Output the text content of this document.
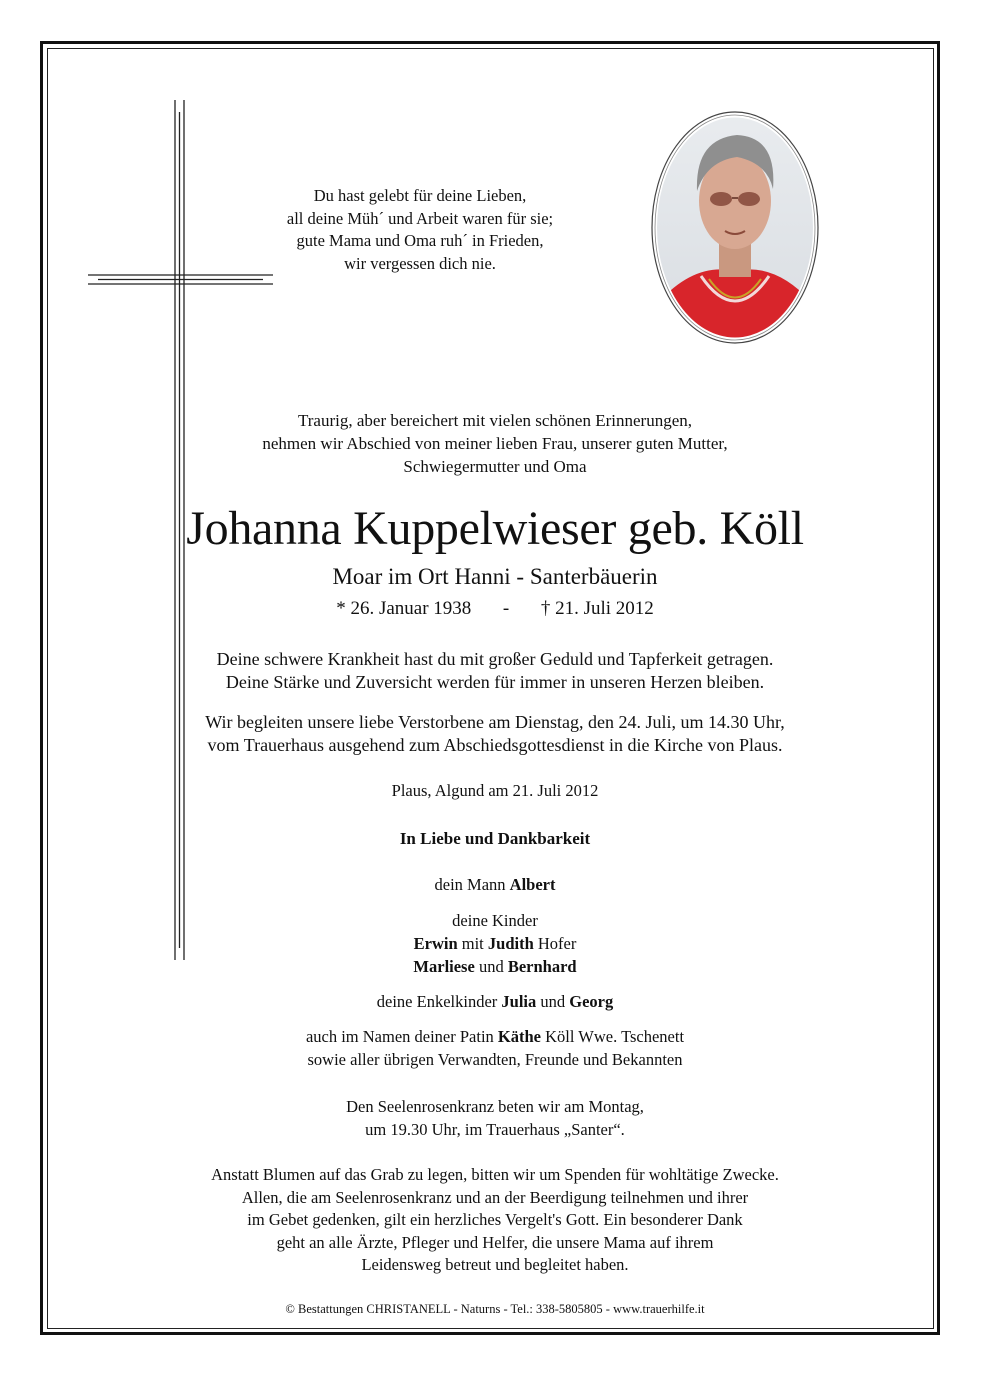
Du hast gelebt für deine Lieben,
all deine Müh´ und Arbeit waren für sie;
gute Mama und Oma ruh´ in Frieden,
wir vergessen dich nie.
Traurig, aber bereichert mit vielen schönen Erinnerungen,
nehmen wir Abschied von meiner lieben Frau, unserer guten Mutter,
Schwiegermutter und Oma
Johanna Kuppelwieser geb. Köll
Moar im Ort Hanni - Santerbäuerin
* 26. Januar 1938 - † 21. Juli 2012
Deine schwere Krankheit hast du mit großer Geduld und Tapferkeit getragen.
Deine Stärke und Zuversicht werden für immer in unseren Herzen bleiben.
Wir begleiten unsere liebe Verstorbene am Dienstag, den 24. Juli, um 14.30 Uhr,
vom Trauerhaus ausgehend zum Abschiedsgottesdienst in die Kirche von Plaus.
Plaus, Algund am 21. Juli 2012
In Liebe und Dankbarkeit
dein Mann Albert
deine Kinder
Erwin mit Judith Hofer
Marliese und Bernhard
deine Enkelkinder Julia und Georg
auch im Namen deiner Patin Käthe Köll Wwe. Tschenett
sowie aller übrigen Verwandten, Freunde und Bekannten
Den Seelenrosenkranz beten wir am Montag,
um 19.30 Uhr, im Trauerhaus „Santer“.
Anstatt Blumen auf das Grab zu legen, bitten wir um Spenden für wohltätige Zwecke.
Allen, die am Seelenrosenkranz und an der Beerdigung teilnehmen und ihrer
im Gebet gedenken, gilt ein herzliches Vergelt's Gott. Ein besonderer Dank
geht an alle Ärzte, Pfleger und Helfer, die unsere Mama auf ihrem
Leidensweg betreut und begleitet haben.
© Bestattungen CHRISTANELL - Naturns - Tel.: 338-5805805 - www.trauerhilfe.it
